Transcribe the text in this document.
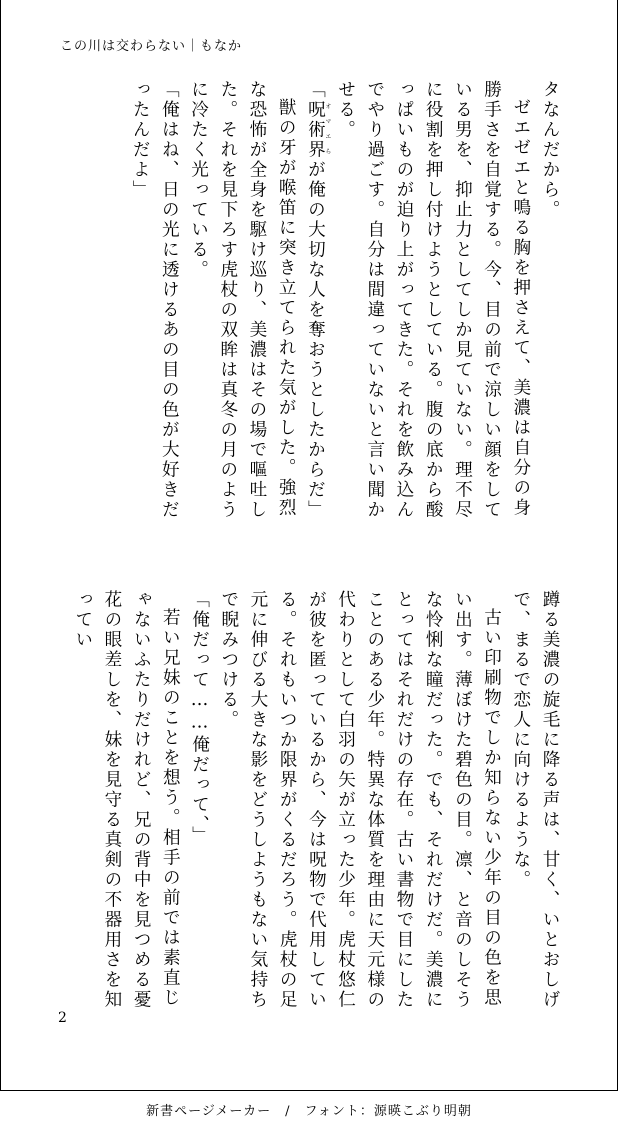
この川は交わらない｜もなか

タなんだから。

ゼエゼエと鳴る胸を押さえて、美濃は自分の身勝手さを自覚する。今、目の前で涼しい顔をしている男を、抑止力としてしか見ていない。理不尽に役割を押し付けようとしている。腹の底から酸っぱいものが迫り上がってきた。それを飲み込んでやり過ごす。自分は間違っていないと言い聞かせる。

「呪術界オマエらが俺の大切な人を奪おうとしたからだ」

獣の牙が喉笛に突き立てられた気がした。強烈な恐怖が全身を駆け巡り、美濃はその場で嘔吐した。それを見下ろす虎杖の双眸は真冬の月のように冷たく光っている。

「俺はね、日の光に透けるあの目の色が大好きだったんだよ」

蹲る美濃の旋毛に降る声は、甘く、いとおしげで、まるで恋人に向けるような。

古い印刷物でしか知らない少年の目の色を思い出す。薄ぼけた碧色の目。凛、と音のしそうな怜悧な瞳だった。でも、それだけだ。美濃にとってはそれだけの存在。古い書物で目にしたことのある少年。特異な体質を理由に天元様の代わりとして白羽の矢が立った少年。虎杖悠仁が彼を匿っているから、今は呪物で代用している。それもいつか限界がくるだろう。虎杖の足元に伸びる大きな影をどうしようもない気持ちで睨みつける。

「俺だって……俺だって、」

若い兄妹のことを想う。相手の前では素直じゃないふたりだけれど、兄の背中を見つめる憂花の眼差しを、妹を見守る真剣の不器用さを知ってい

2
新書ページメーカー　/　フォント：源暎こぶり明朝
